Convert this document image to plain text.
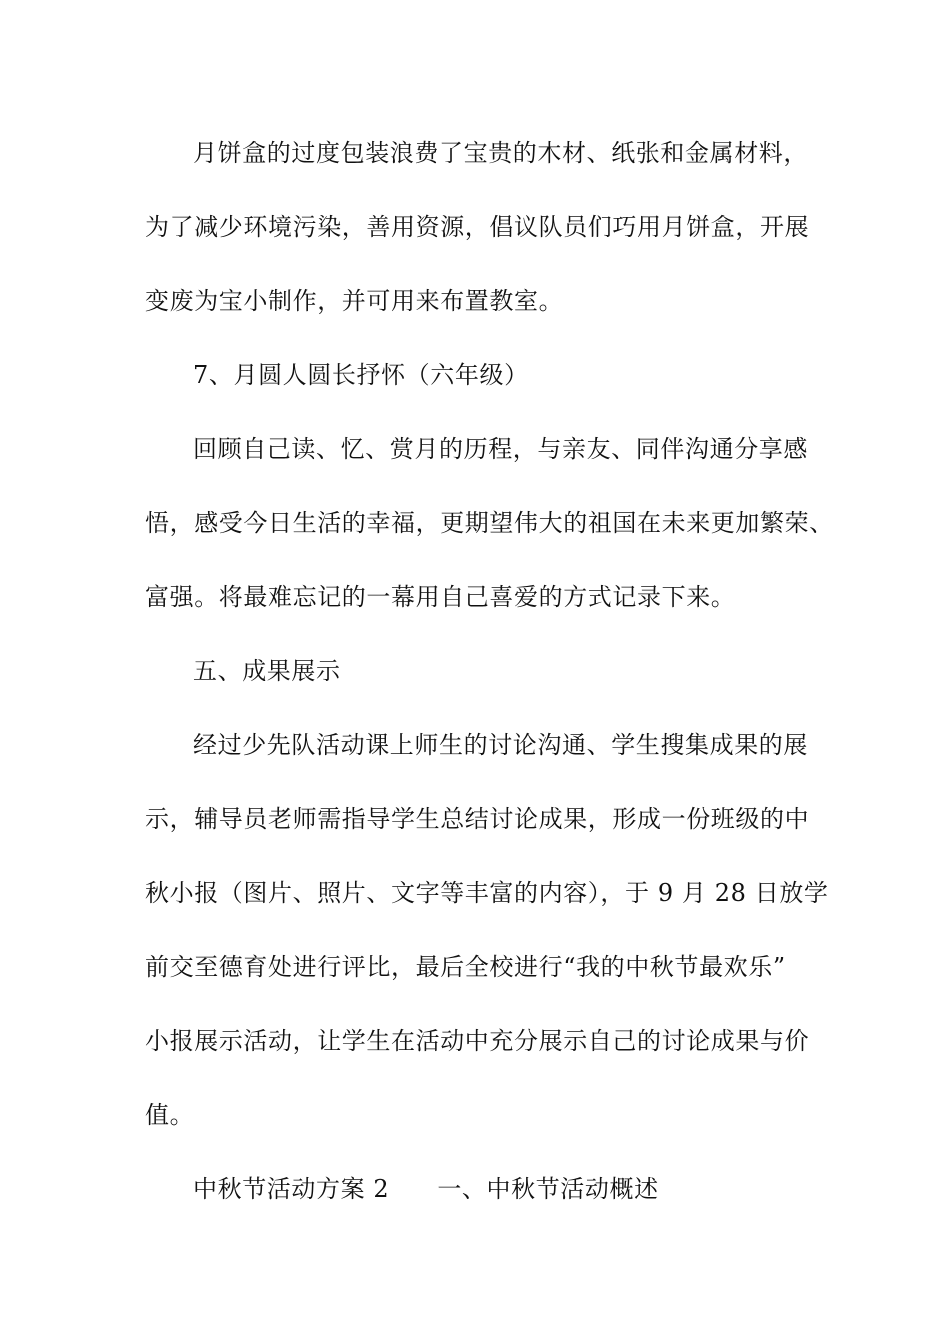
月饼盒的过度包装浪费了宝贵的木材、纸张和金属材料，
为了减少环境污染，善用资源，倡议队员们巧用月饼盒，开展
变废为宝小制作，并可用来布置教室。
7、月圆人圆长抒怀（六年级）
回顾自己读、忆、赏月的历程，与亲友、同伴沟通分享感
悟，感受今日生活的幸福，更期望伟大的祖国在未来更加繁荣、
富强。将最难忘记的一幕用自己喜爱的方式记录下来。
五、成果展示
经过少先队活动课上师生的讨论沟通、学生搜集成果的展
示，辅导员老师需指导学生总结讨论成果，形成一份班级的中
秋小报（图片、照片、文字等丰富的内容），于 9 月 28 日放学
前交至德育处进行评比，最后全校进行“我的中秋节最欢乐”
小报展示活动，让学生在活动中充分展示自己的讨论成果与价
值。
中秋节活动方案 2 一、中秋节活动概述
